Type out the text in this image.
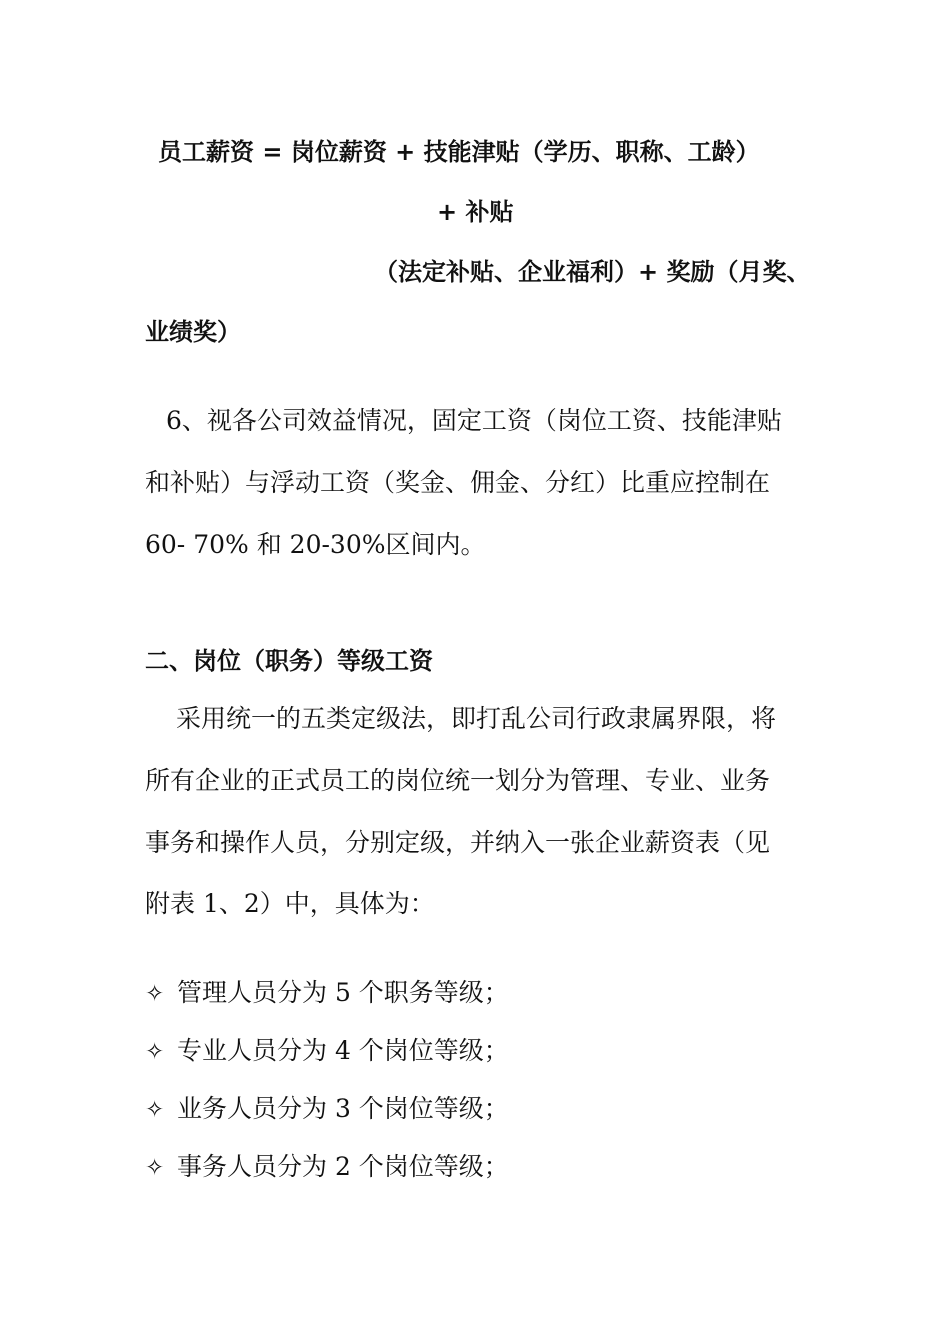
员工薪资 = 岗位薪资 + 技能津贴（学历、职称、工龄）
+ 补贴
（法定补贴、企业福利）+ 奖励（月奖、
业绩奖）
6、视各公司效益情况，固定工资（岗位工资、技能津贴
和补贴）与浮动工资（奖金、佣金、分红）比重应控制在
60- 70% 和 20-30%区间内。
二、岗位（职务）等级工资
采用统一的五类定级法，即打乱公司行政隶属界限，将
所有企业的正式员工的岗位统一划分为管理、专业、业务
事务和操作人员，分别定级，并纳入一张企业薪资表（见
附表 1、2）中，具体为：
✧ 管理人员分为 5 个职务等级；
✧ 专业人员分为 4 个岗位等级；
✧ 业务人员分为 3 个岗位等级；
✧ 事务人员分为 2 个岗位等级；
